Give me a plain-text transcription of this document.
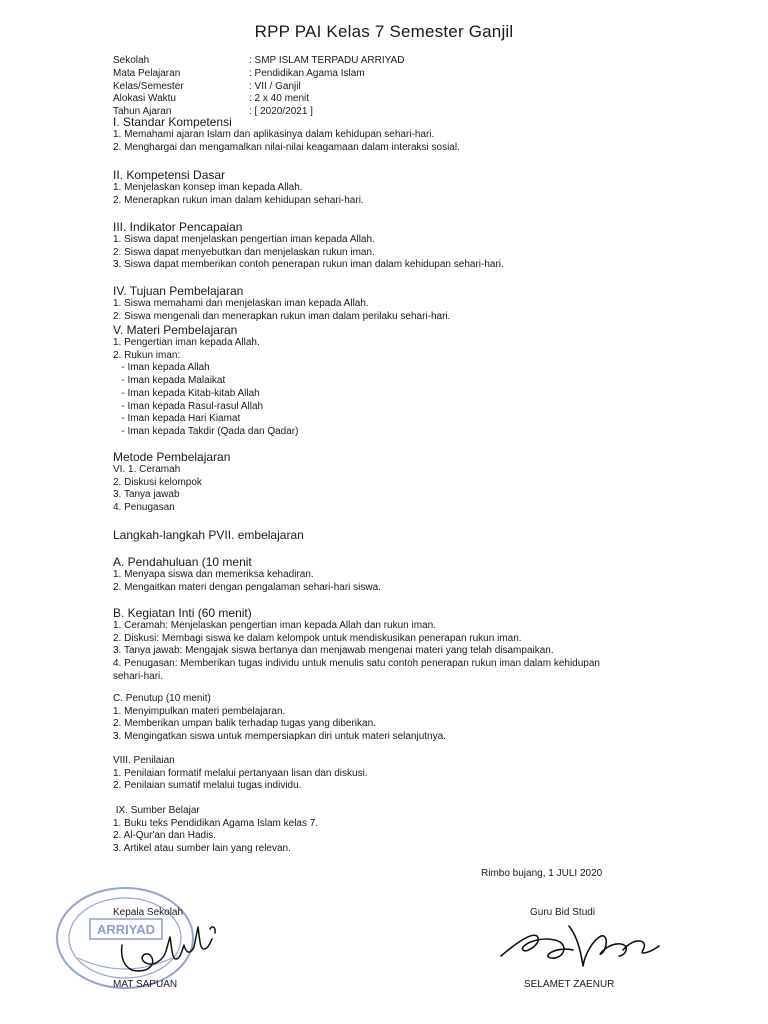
RPP PAI Kelas 7 Semester Ganjil
Sekolah	: SMP ISLAM TERPADU ARRIYAD
Mata Pelajaran	: Pendidikan Agama Islam
Kelas/Semester	: VII / Ganjil
Alokasi Waktu	: 2 x 40 menit
Tahun Ajaran	: [ 2020/2021 ]
I. Standar Kompetensi
1. Memahami ajaran Islam dan aplikasinya dalam kehidupan sehari-hari.
2. Menghargai dan mengamalkan nilai-nilai keagamaan dalam interaksi sosial.
II. Kompetensi Dasar
1. Menjelaskan konsep iman kepada Allah.
2. Menerapkan rukun iman dalam kehidupan sehari-hari.
III. Indikator Pencapaian
1. Siswa dapat menjelaskan pengertian iman kepada Allah.
2. Siswa dapat menyebutkan dan menjelaskan rukun iman.
3. Siswa dapat memberikan contoh penerapan rukun iman dalam kehidupan sehari-hari.
IV. Tujuan Pembelajaran
1. Siswa memahami dan menjelaskan iman kepada Allah.
2. Siswa mengenali dan menerapkan rukun iman dalam perilaku sehari-hari.
V. Materi Pembelajaran
1. Pengertian iman kepada Allah.
2. Rukun iman:
- Iman kepada Allah
- Iman kepada Malaikat
- Iman kepada Kitab-kitab Allah
- Iman kepada Rasul-rasul Allah
- Iman kepada Hari Kiamat
- Iman kepada Takdir (Qada dan Qadar)
Metode Pembelajaran
VI. 1. Ceramah
2. Diskusi kelompok
3. Tanya jawab
4. Penugasan
Langkah-langkah PVII. embelajaran
A. Pendahuluan (10 menit
1. Menyapa siswa dan memeriksa kehadiran.
2. Mengaitkan materi dengan pengalaman sehari-hari siswa.
B. Kegiatan Inti (60 menit)
1. Ceramah: Menjelaskan pengertian iman kepada Allah dan rukun iman.
2. Diskusi: Membagi siswa ke dalam kelompok untuk mendiskusikan penerapan rukun iman.
3. Tanya jawab: Mengajak siswa bertanya dan menjawab mengenai materi yang telah disampaikan.
4. Penugasan: Memberikan tugas individu untuk menulis satu contoh penerapan rukun iman dalam kehidupan sehari-hari.
C. Penutup (10 menit)
1. Menyimpulkan materi pembelajaran.
2. Memberikan umpan balik terhadap tugas yang diberikan.
3. Mengingatkan siswa untuk mempersiapkan diri untuk materi selanjutnya.
VIII. Penilaian
1. Penilaian formatif melalui pertanyaan lisan dan diskusi.
2. Penilaian sumatif melalui tugas individu.
IX. Sumber Belajar
1. Buku teks Pendidikan Agama Islam kelas 7.
2. Al-Qur'an dan Hadis.
3. Artikel atau sumber lain yang relevan.
Rimbo bujang, 1 JULI 2020
ARRIYAD
Kepala Sekolah
MAT SAPUAN
Guru Bid Studi
SELAMET ZAENUR
